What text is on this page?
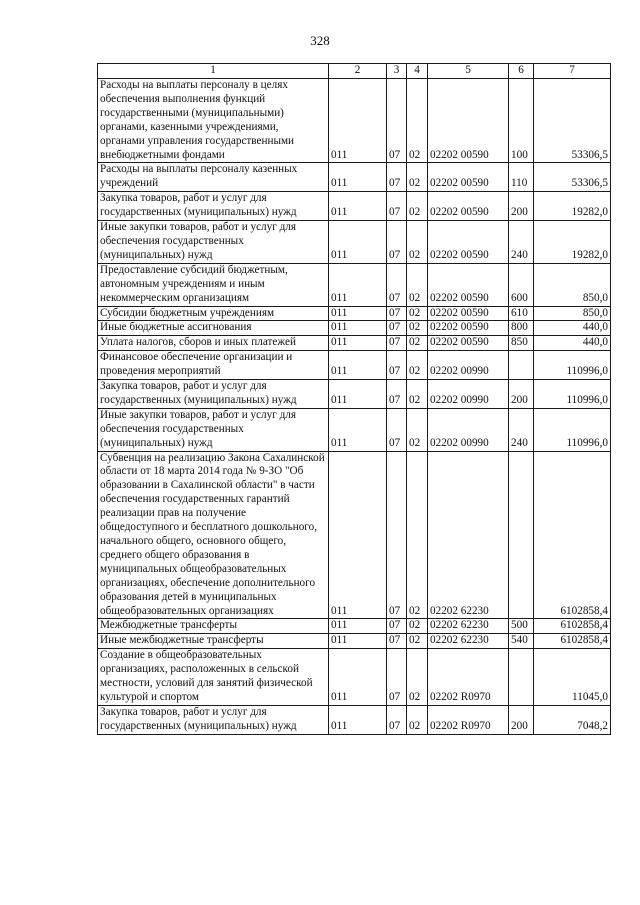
328
1	2	3	4	5	6	7
Расходы на выплаты персоналу в целях обеспечения выполнения функций государственными (муниципальными) органами, казенными учреждениями, органами управления государственными внебюджетными фондами	011	07	02	02202 00590	100	53306,5
Расходы на выплаты персоналу казенных учреждений	011	07	02	02202 00590	110	53306,5
Закупка товаров, работ и услуг для государственных (муниципальных) нужд	011	07	02	02202 00590	200	19282,0
Иные закупки товаров, работ и услуг для обеспечения государственных (муниципальных) нужд	011	07	02	02202 00590	240	19282,0
Предоставление субсидий бюджетным, автономным учреждениям и иным некоммерческим организациям	011	07	02	02202 00590	600	850,0
Субсидии бюджетным учреждениям	011	07	02	02202 00590	610	850,0
Иные бюджетные ассигнования	011	07	02	02202 00590	800	440,0
Уплата налогов, сборов и иных платежей	011	07	02	02202 00590	850	440,0
Финансовое обеспечение организации и проведения мероприятий	011	07	02	02202 00990		110996,0
Закупка товаров, работ и услуг для государственных (муниципальных) нужд	011	07	02	02202 00990	200	110996,0
Иные закупки товаров, работ и услуг для обеспечения государственных (муниципальных) нужд	011	07	02	02202 00990	240	110996,0
Субвенция на реализацию Закона Сахалинской области от 18 марта 2014 года № 9-ЗО "Об образовании в Сахалинской области" в части обеспечения государственных гарантий реализации прав на получение общедоступного и бесплатного дошкольного, начального общего, основного общего, среднего общего образования в муниципальных общеобразовательных организациях, обеспечение дополнительного образования детей в муниципальных общеобразовательных организациях	011	07	02	02202 62230		6102858,4
Межбюджетные трансферты	011	07	02	02202 62230	500	6102858,4
Иные межбюджетные трансферты	011	07	02	02202 62230	540	6102858,4
Создание в общеобразовательных организациях, расположенных в сельской местности, условий для занятий физической культурой и спортом	011	07	02	02202 R0970		11045,0
Закупка товаров, работ и услуг для государственных (муниципальных) нужд	011	07	02	02202 R0970	200	7048,2
